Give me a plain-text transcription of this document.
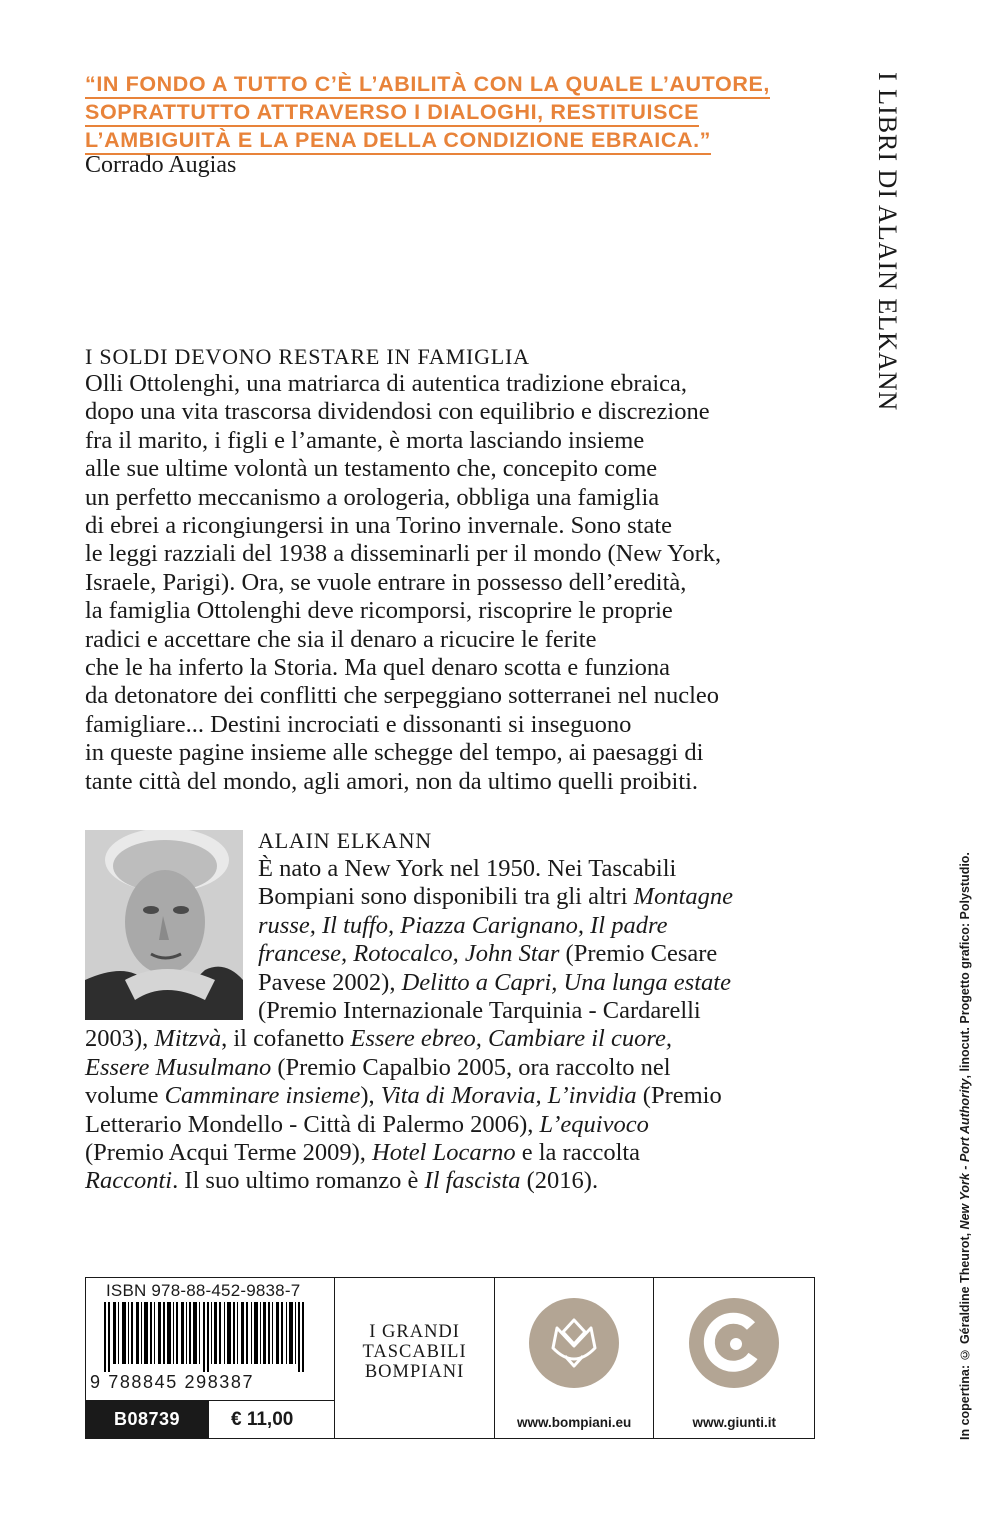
“IN FONDO A TUTTO C’È L’ABILITÀ CON LA QUALE L’AUTORE,
SOPRATTUTTO ATTRAVERSO I DIALOGHI, RESTITUISCE
L’AMBIGUITÀ E LA PENA DELLA CONDIZIONE EBRAICA.”
Corrado Augias	I LIBRI DI ALAIN ELKANN
I SOLDI DEVONO RESTARE IN FAMIGLIA
Olli Ottolenghi, una matriarca di autentica tradizione ebraica,
dopo una vita trascorsa dividendosi con equilibrio e discrezione
fra il marito, i figli e l’amante, è morta lasciando insieme
alle sue ultime volontà un testamento che, concepito come
un perfetto meccanismo a orologeria, obbliga una famiglia
di ebrei a ricongiungersi in una Torino invernale. Sono state
le leggi razziali del 1938 a disseminarli per il mondo (New York,
Israele, Parigi). Ora, se vuole entrare in possesso dell’eredità,
la famiglia Ottolenghi deve ricomporsi, riscoprire le proprie
radici e accettare che sia il denaro a ricucire le ferite
che le ha inferto la Storia. Ma quel denaro scotta e funziona
da detonatore dei conflitti che serpeggiano sotterranei nel nucleo
famigliare... Destini incrociati e dissonanti si inseguono
in queste pagine insieme alle schegge del tempo, ai paesaggi di
tante città del mondo, agli amori, non da ultimo quelli proibiti.
ALAIN ELKANN
È nato a New York nel 1950. Nei Tascabili
Bompiani sono disponibili tra gli altri Montagne
russe, Il tuffo, Piazza Carignano, Il padre
francese, Rotocalco, John Star (Premio Cesare
Pavese 2002), Delitto a Capri, Una lunga estate
(Premio Internazionale Tarquinia - Cardarelli
2003), Mitzvà, il cofanetto Essere ebreo, Cambiare il cuore,
Essere Musulmano (Premio Capalbio 2005, ora raccolto nel
volume Camminare insieme), Vita di Moravia, L’invidia (Premio
Letterario Mondello - Città di Palermo 2006), L’equivoco
(Premio Acqui Terme 2009), Hotel Locarno e la raccolta
Racconti. Il suo ultimo romanzo è Il fascista (2016).
ISBN 978-88-452-9838-7
9 788845 298387
B08739	€ 11,00
I GRANDI
TASCABILI
BOMPIANI
www.bompiani.eu	www.giunti.it	In copertina: © Géraldine Theurot, New York - Port Authority, linocut. Progetto grafico: Polystudio.
